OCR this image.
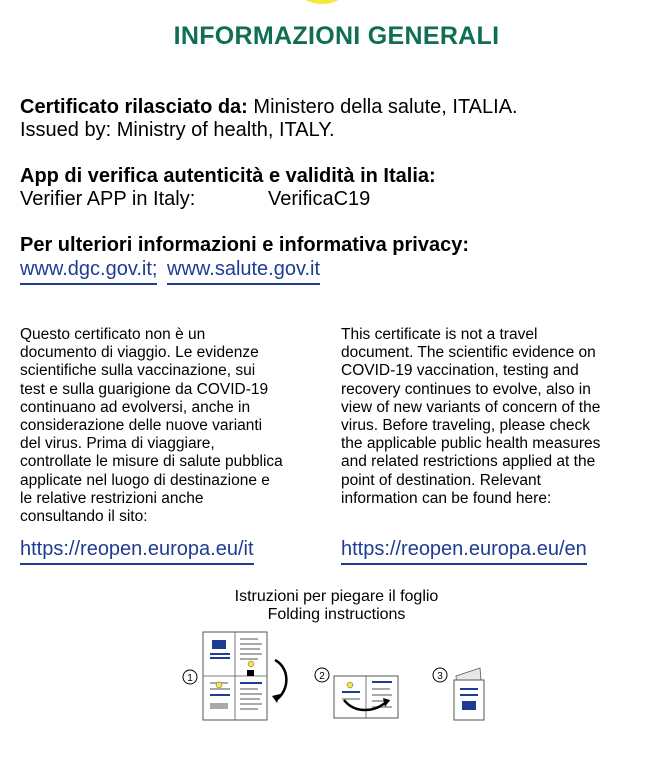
INFORMAZIONI GENERALI
Certificato rilasciato da: Ministero della salute, ITALIA.
Issued by: Ministry of health, ITALY.
App di verifica autenticità e validità in Italia:
Verifier APP in Italy:	VerificaC19
Per ulteriori informazioni e informativa privacy:
www.dgc.gov.it; www.salute.gov.it
Questo certificato non è un
documento di viaggio. Le evidenze
scientifiche sulla vaccinazione, sui
test e sulla guarigione da COVID-19
continuano ad evolversi, anche in
considerazione delle nuove varianti
del virus. Prima di viaggiare,
controllate le misure di salute pubblica
applicate nel luogo di destinazione e
le relative restrizioni anche
consultando il sito:
This certificate is not a travel
document. The scientific evidence on
COVID-19 vaccination, testing and
recovery continues to evolve, also in
view of new variants of concern of the
virus. Before traveling, please check
the applicable public health measures
and related restrictions applied at the
point of destination. Relevant
information can be found here:
https://reopen.europa.eu/it	https://reopen.europa.eu/en
Istruzioni per piegare il foglio
Folding instructions
1	2	3
